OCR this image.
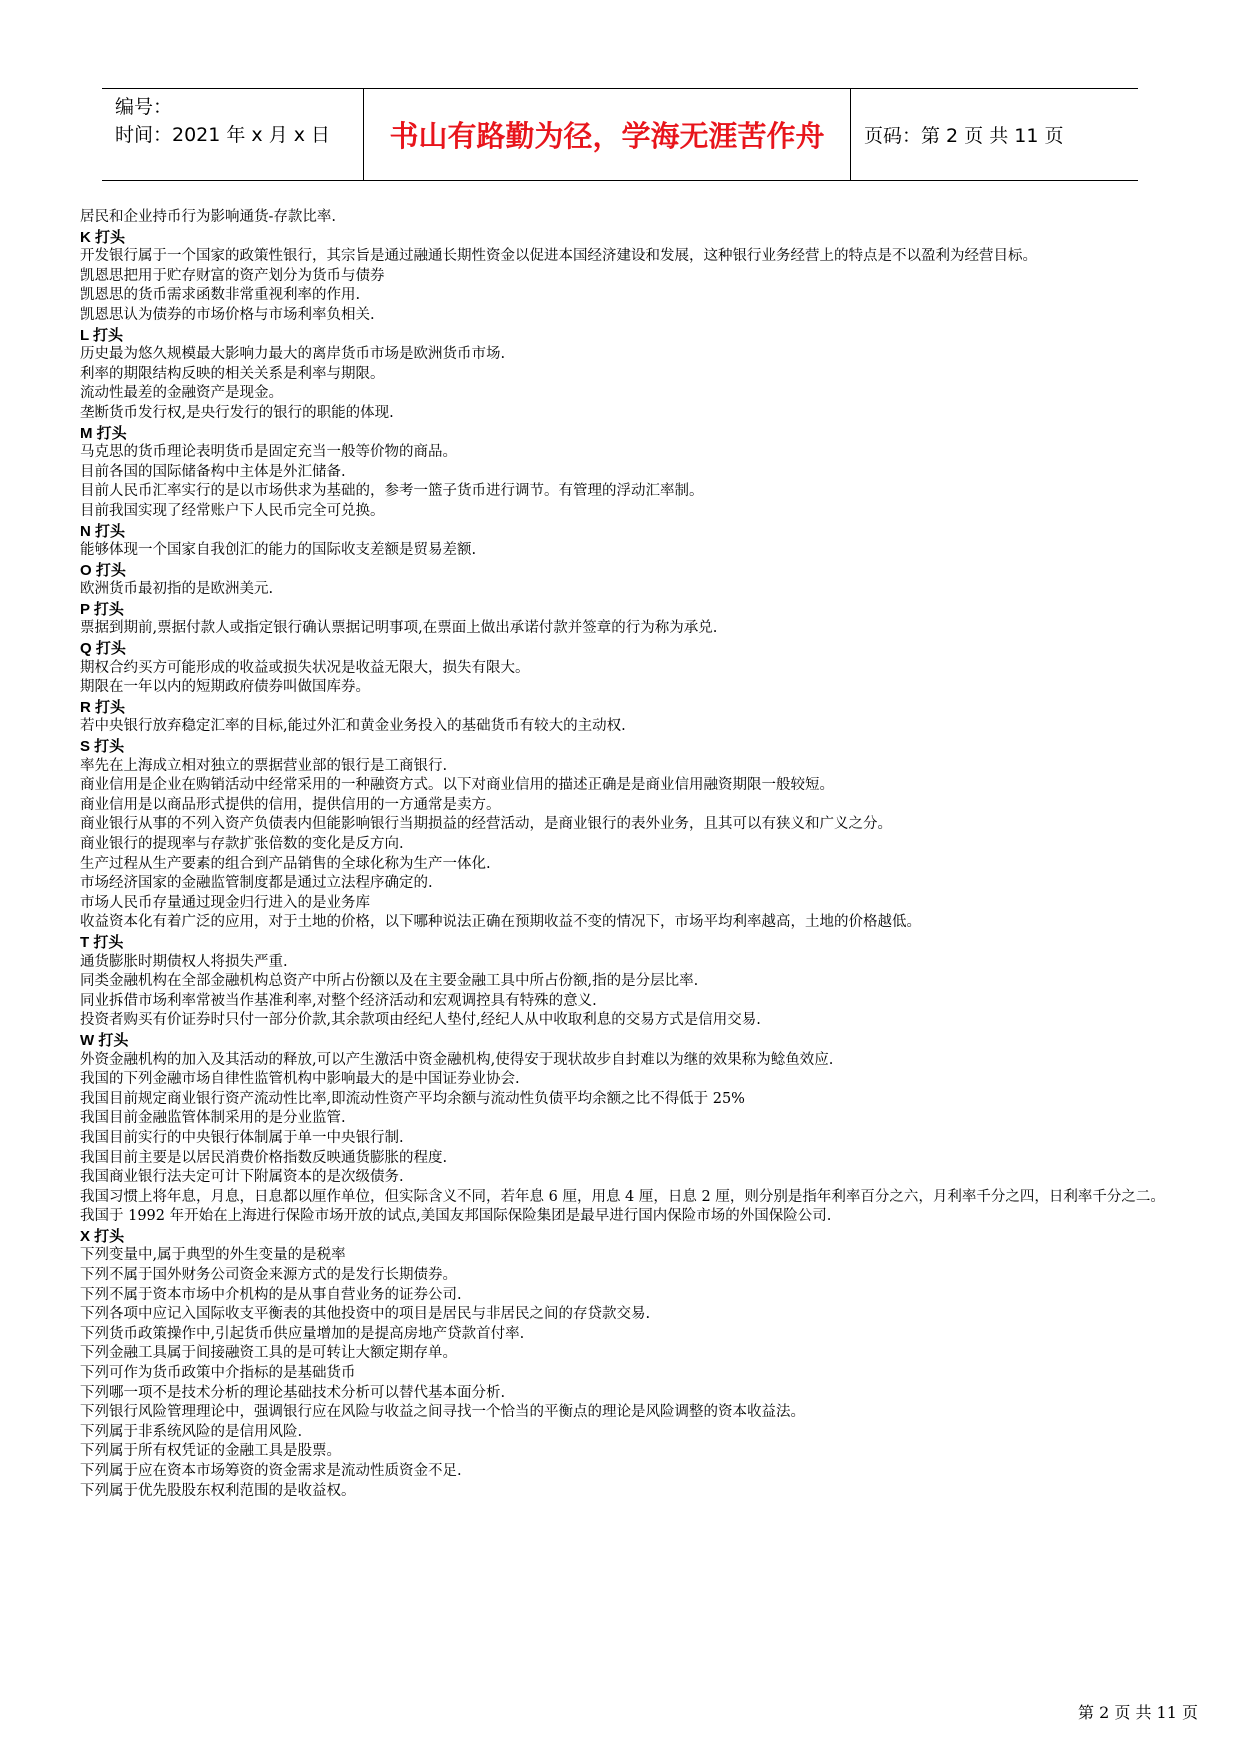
编号：
时间：2021 年 x 月 x 日	书山有路勤为径，学海无涯苦作舟	页码：第 2 页 共 11 页
居民和企业持币行为影响通货-存款比率.
K 打头
开发银行属于一个国家的政策性银行，其宗旨是通过融通长期性资金以促进本国经济建设和发展，这种银行业务经营上的特点是不以盈利为经营目标。
凯恩思把用于贮存财富的资产划分为货币与债券
凯恩思的货币需求函数非常重视利率的作用.
凯恩思认为债券的市场价格与市场利率负相关.
L 打头
历史最为悠久规模最大影响力最大的离岸货币市场是欧洲货币市场.
利率的期限结构反映的相关关系是利率与期限。
流动性最差的金融资产是现金。
垄断货币发行权,是央行发行的银行的职能的体现.
M 打头
马克思的货币理论表明货币是固定充当一般等价物的商品。
目前各国的国际储备构中主体是外汇储备.
目前人民币汇率实行的是以市场供求为基础的，参考一篮子货币进行调节。有管理的浮动汇率制。
目前我国实现了经常账户下人民币完全可兑换。
N 打头
能够体现一个国家自我创汇的能力的国际收支差额是贸易差额.
O 打头
欧洲货币最初指的是欧洲美元.
P 打头
票据到期前,票据付款人或指定银行确认票据记明事项,在票面上做出承诺付款并签章的行为称为承兑.
Q 打头
期权合约买方可能形成的收益或损失状况是收益无限大，损失有限大。
期限在一年以内的短期政府债券叫做国库券。
R 打头
若中央银行放弃稳定汇率的目标,能过外汇和黄金业务投入的基础货币有较大的主动权.
S 打头
率先在上海成立相对独立的票据营业部的银行是工商银行.
商业信用是企业在购销活动中经常采用的一种融资方式。以下对商业信用的描述正确是是商业信用融资期限一般较短。
商业信用是以商品形式提供的信用，提供信用的一方通常是卖方。
商业银行从事的不列入资产负债表内但能影响银行当期损益的经营活动，是商业银行的表外业务，且其可以有狭义和广义之分。
商业银行的提现率与存款扩张倍数的变化是反方向.
生产过程从生产要素的组合到产品销售的全球化称为生产一体化.
市场经济国家的金融监管制度都是通过立法程序确定的.
市场人民币存量通过现金归行进入的是业务库
收益资本化有着广泛的应用，对于土地的价格，以下哪种说法正确在预期收益不变的情况下，市场平均利率越高，土地的价格越低。
T 打头
通货膨胀时期债权人将损失严重.
同类金融机构在全部金融机构总资产中所占份额以及在主要金融工具中所占份额,指的是分层比率.
同业拆借市场利率常被当作基准利率,对整个经济活动和宏观调控具有特殊的意义.
投资者购买有价证券时只付一部分价款,其余款项由经纪人垫付,经纪人从中收取利息的交易方式是信用交易.
W 打头
外资金融机构的加入及其活动的释放,可以产生激活中资金融机构,使得安于现状故步自封难以为继的效果称为鲶鱼效应.
我国的下列金融市场自律性监管机构中影响最大的是中国证券业协会.
我国目前规定商业银行资产流动性比率,即流动性资产平均余额与流动性负债平均余额之比不得低于 25%
我国目前金融监管体制采用的是分业监管.
我国目前实行的中央银行体制属于单一中央银行制.
我国目前主要是以居民消费价格指数反映通货膨胀的程度.
我国商业银行法夫定可计下附属资本的是次级债务.
我国习惯上将年息，月息，日息都以厘作单位，但实际含义不同，若年息 6 厘，用息 4 厘，日息 2 厘，则分别是指年利率百分之六，月利率千分之四，日利率千分之二。
我国于 1992 年开始在上海进行保险市场开放的试点,美国友邦国际保险集团是最早进行国内保险市场的外国保险公司.
X 打头
下列变量中,属于典型的外生变量的是税率
下列不属于国外财务公司资金来源方式的是发行长期债券。
下列不属于资本市场中介机构的是从事自营业务的证券公司.
下列各项中应记入国际收支平衡表的其他投资中的项目是居民与非居民之间的存贷款交易.
下列货币政策操作中,引起货币供应量增加的是提高房地产贷款首付率.
下列金融工具属于间接融资工具的是可转让大额定期存单。
下列可作为货币政策中介指标的是基础货币
下列哪一项不是技术分析的理论基础技术分析可以替代基本面分析.
下列银行风险管理理论中，强调银行应在风险与收益之间寻找一个恰当的平衡点的理论是风险调整的资本收益法。
下列属于非系统风险的是信用风险.
下列属于所有权凭证的金融工具是股票。
下列属于应在资本市场筹资的资金需求是流动性质资金不足.
下列属于优先股股东权利范围的是收益权。
第 2 页 共 11 页
